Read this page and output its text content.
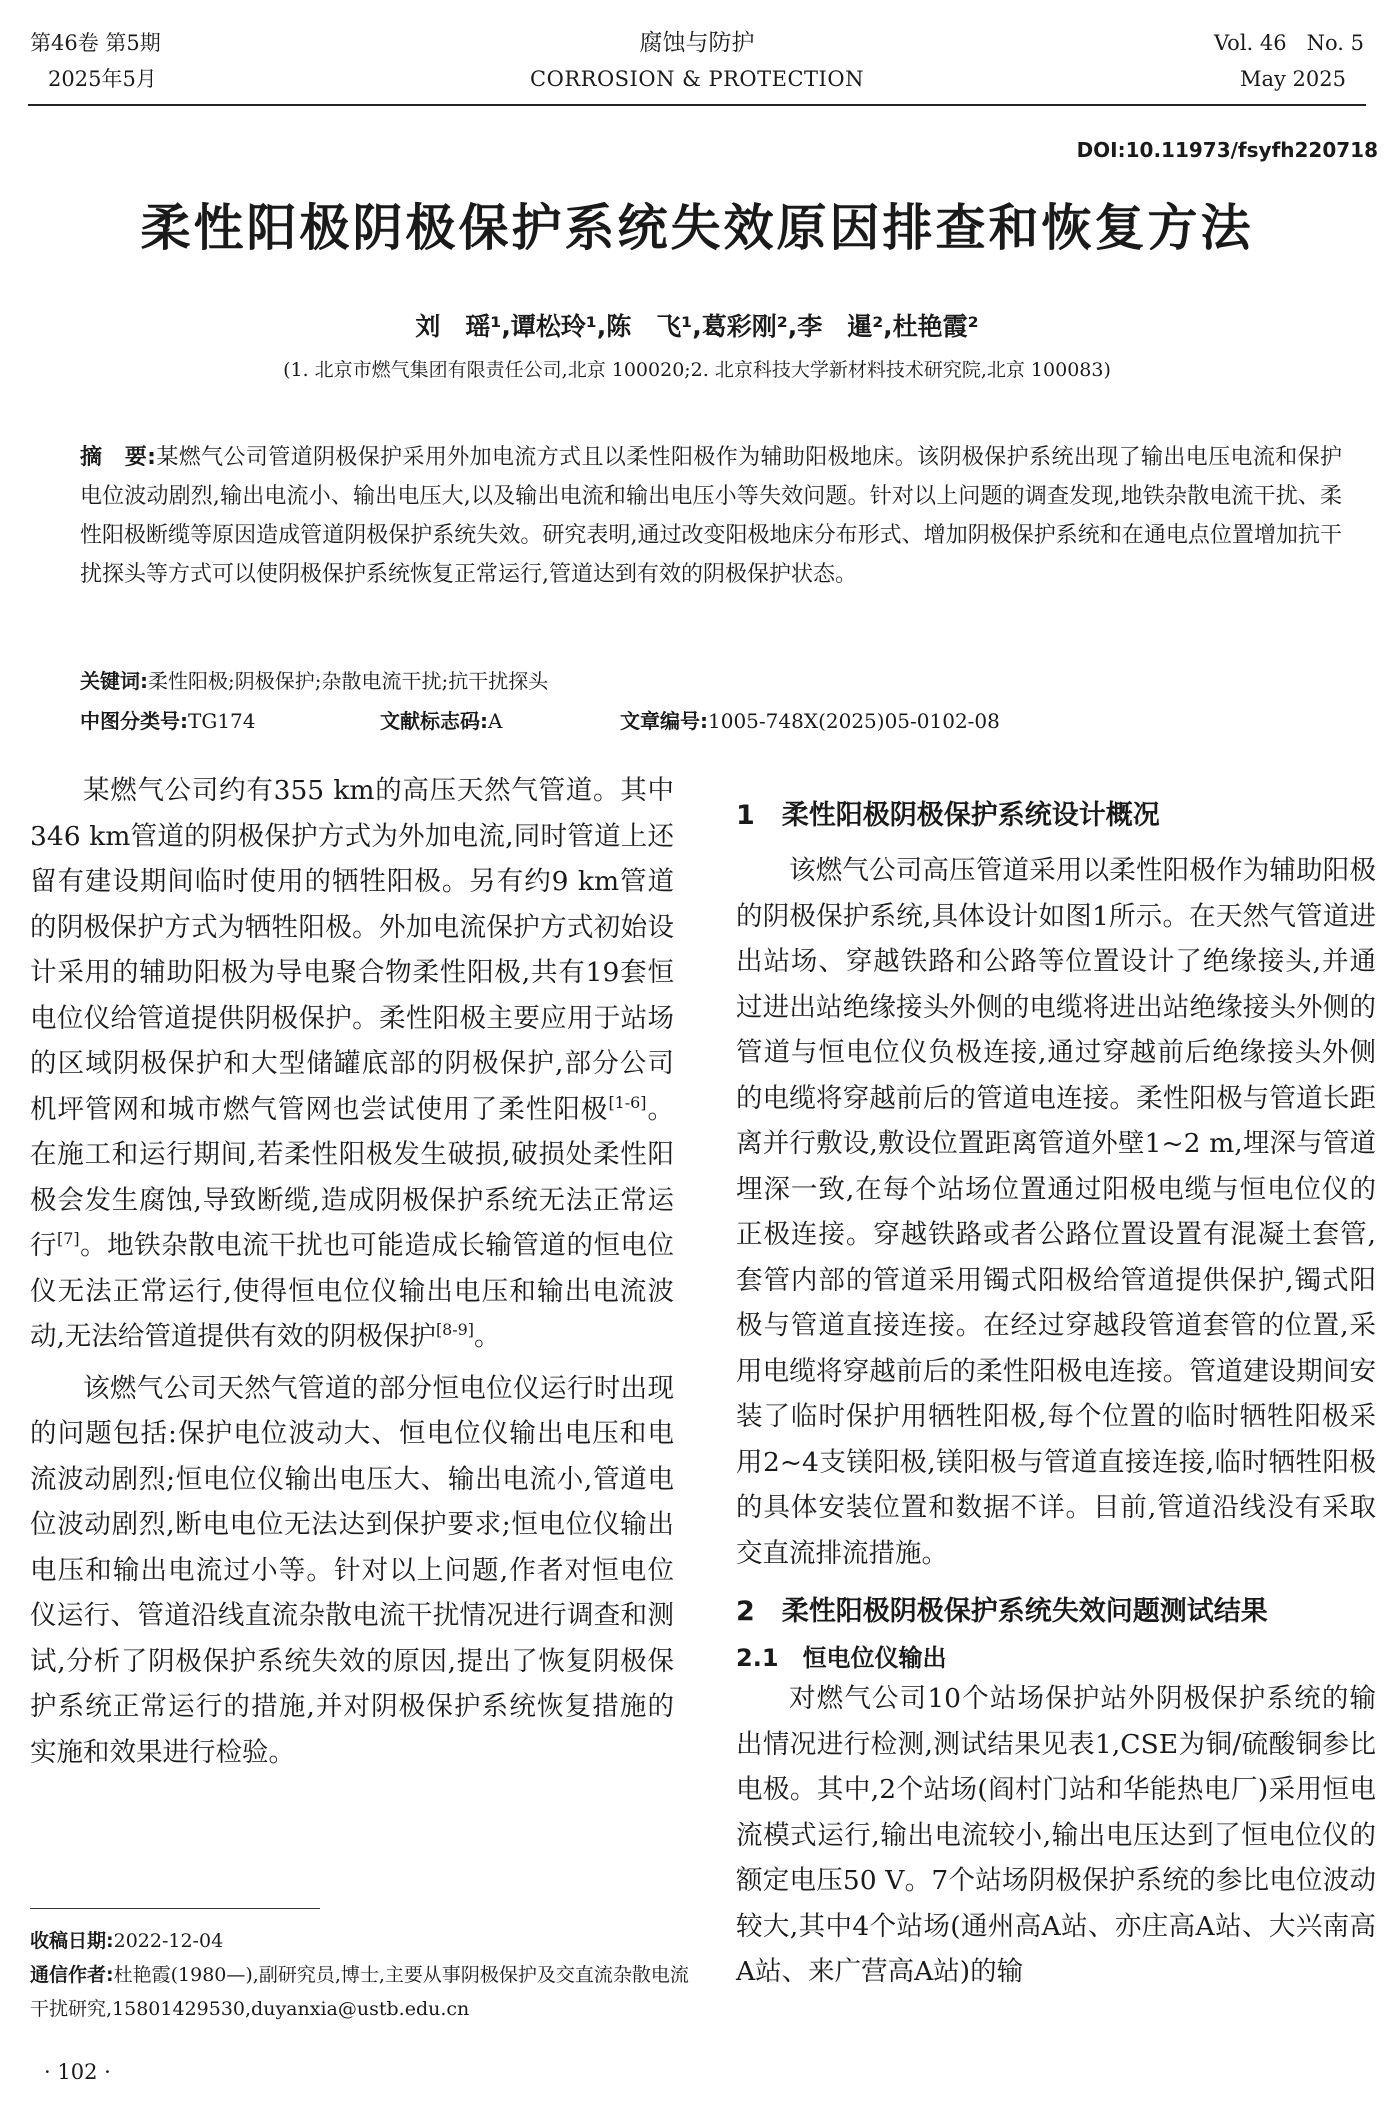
第46卷 第5期
2025年5月
腐蚀与防护
CORROSION & PROTECTION
Vol. 46   No. 5
May 2025
DOI:10.11973/fsyfh220718
柔性阳极阴极保护系统失效原因排查和恢复方法
刘　瑶¹,谭松玲¹,陈　飞¹,葛彩刚²,李　暹²,杜艳霞²
(1. 北京市燃气集团有限责任公司,北京 100020;2. 北京科技大学新材料技术研究院,北京 100083)
摘　要:某燃气公司管道阴极保护采用外加电流方式且以柔性阳极作为辅助阳极地床。该阴极保护系统出现了输出电压电流和保护电位波动剧烈,输出电流小、输出电压大,以及输出电流和输出电压小等失效问题。针对以上问题的调查发现,地铁杂散电流干扰、柔性阳极断缆等原因造成管道阴极保护系统失效。研究表明,通过改变阳极地床分布形式、增加阴极保护系统和在通电点位置增加抗干扰探头等方式可以使阴极保护系统恢复正常运行,管道达到有效的阴极保护状态。
关键词:柔性阳极;阴极保护;杂散电流干扰;抗干扰探头
中图分类号:TG174	文献标志码:A	文章编号:1005-748X(2025)05-0102-08

某燃气公司约有355 km的高压天然气管道。其中346 km管道的阴极保护方式为外加电流,同时管道上还留有建设期间临时使用的牺牲阳极。另有约9 km管道的阴极保护方式为牺牲阳极。外加电流保护方式初始设计采用的辅助阳极为导电聚合物柔性阳极,共有19套恒电位仪给管道提供阴极保护。柔性阳极主要应用于站场的区域阴极保护和大型储罐底部的阴极保护,部分公司机坪管网和城市燃气管网也尝试使用了柔性阳极[1-6]。在施工和运行期间,若柔性阳极发生破损,破损处柔性阳极会发生腐蚀,导致断缆,造成阴极保护系统无法正常运行[7]。地铁杂散电流干扰也可能造成长输管道的恒电位仪无法正常运行,使得恒电位仪输出电压和输出电流波动,无法给管道提供有效的阴极保护[8-9]。

该燃气公司天然气管道的部分恒电位仪运行时出现的问题包括:保护电位波动大、恒电位仪输出电压和电流波动剧烈;恒电位仪输出电压大、输出电流小,管道电位波动剧烈,断电电位无法达到保护要求;恒电位仪输出电压和输出电流过小等。针对以上问题,作者对恒电位仪运行、管道沿线直流杂散电流干扰情况进行调查和测试,分析了阴极保护系统失效的原因,提出了恢复阴极保护系统正常运行的措施,并对阴极保护系统恢复措施的实施和效果进行检验。

收稿日期:2022-12-04
通信作者:杜艳霞(1980—),副研究员,博士,主要从事阴极保护及交直流杂散电流干扰研究,15801429530,duyanxia@ustb.edu.cn
· 102 ·
1　柔性阳极阴极保护系统设计概况

该燃气公司高压管道采用以柔性阳极作为辅助阳极的阴极保护系统,具体设计如图1所示。在天然气管道进出站场、穿越铁路和公路等位置设计了绝缘接头,并通过进出站绝缘接头外侧的电缆将进出站绝缘接头外侧的管道与恒电位仪负极连接,通过穿越前后绝缘接头外侧的电缆将穿越前后的管道电连接。柔性阳极与管道长距离并行敷设,敷设位置距离管道外壁1~2 m,埋深与管道埋深一致,在每个站场位置通过阳极电缆与恒电位仪的正极连接。穿越铁路或者公路位置设置有混凝土套管,套管内部的管道采用镯式阳极给管道提供保护,镯式阳极与管道直接连接。在经过穿越段管道套管的位置,采用电缆将穿越前后的柔性阳极电连接。管道建设期间安装了临时保护用牺牲阳极,每个位置的临时牺牲阳极采用2~4支镁阳极,镁阳极与管道直接连接,临时牺牲阳极的具体安装位置和数据不详。目前,管道沿线没有采取交直流排流措施。

2　柔性阳极阴极保护系统失效问题测试结果
2.1　恒电位仪输出

对燃气公司10个站场保护站外阴极保护系统的输出情况进行检测,测试结果见表1,CSE为铜/硫酸铜参比电极。其中,2个站场(阎村门站和华能热电厂)采用恒电流模式运行,输出电流较小,输出电压达到了恒电位仪的额定电压50 V。7个站场阴极保护系统的参比电位波动较大,其中4个站场(通州高A站、亦庄高A站、大兴南高A站、来广营高A站)的输
